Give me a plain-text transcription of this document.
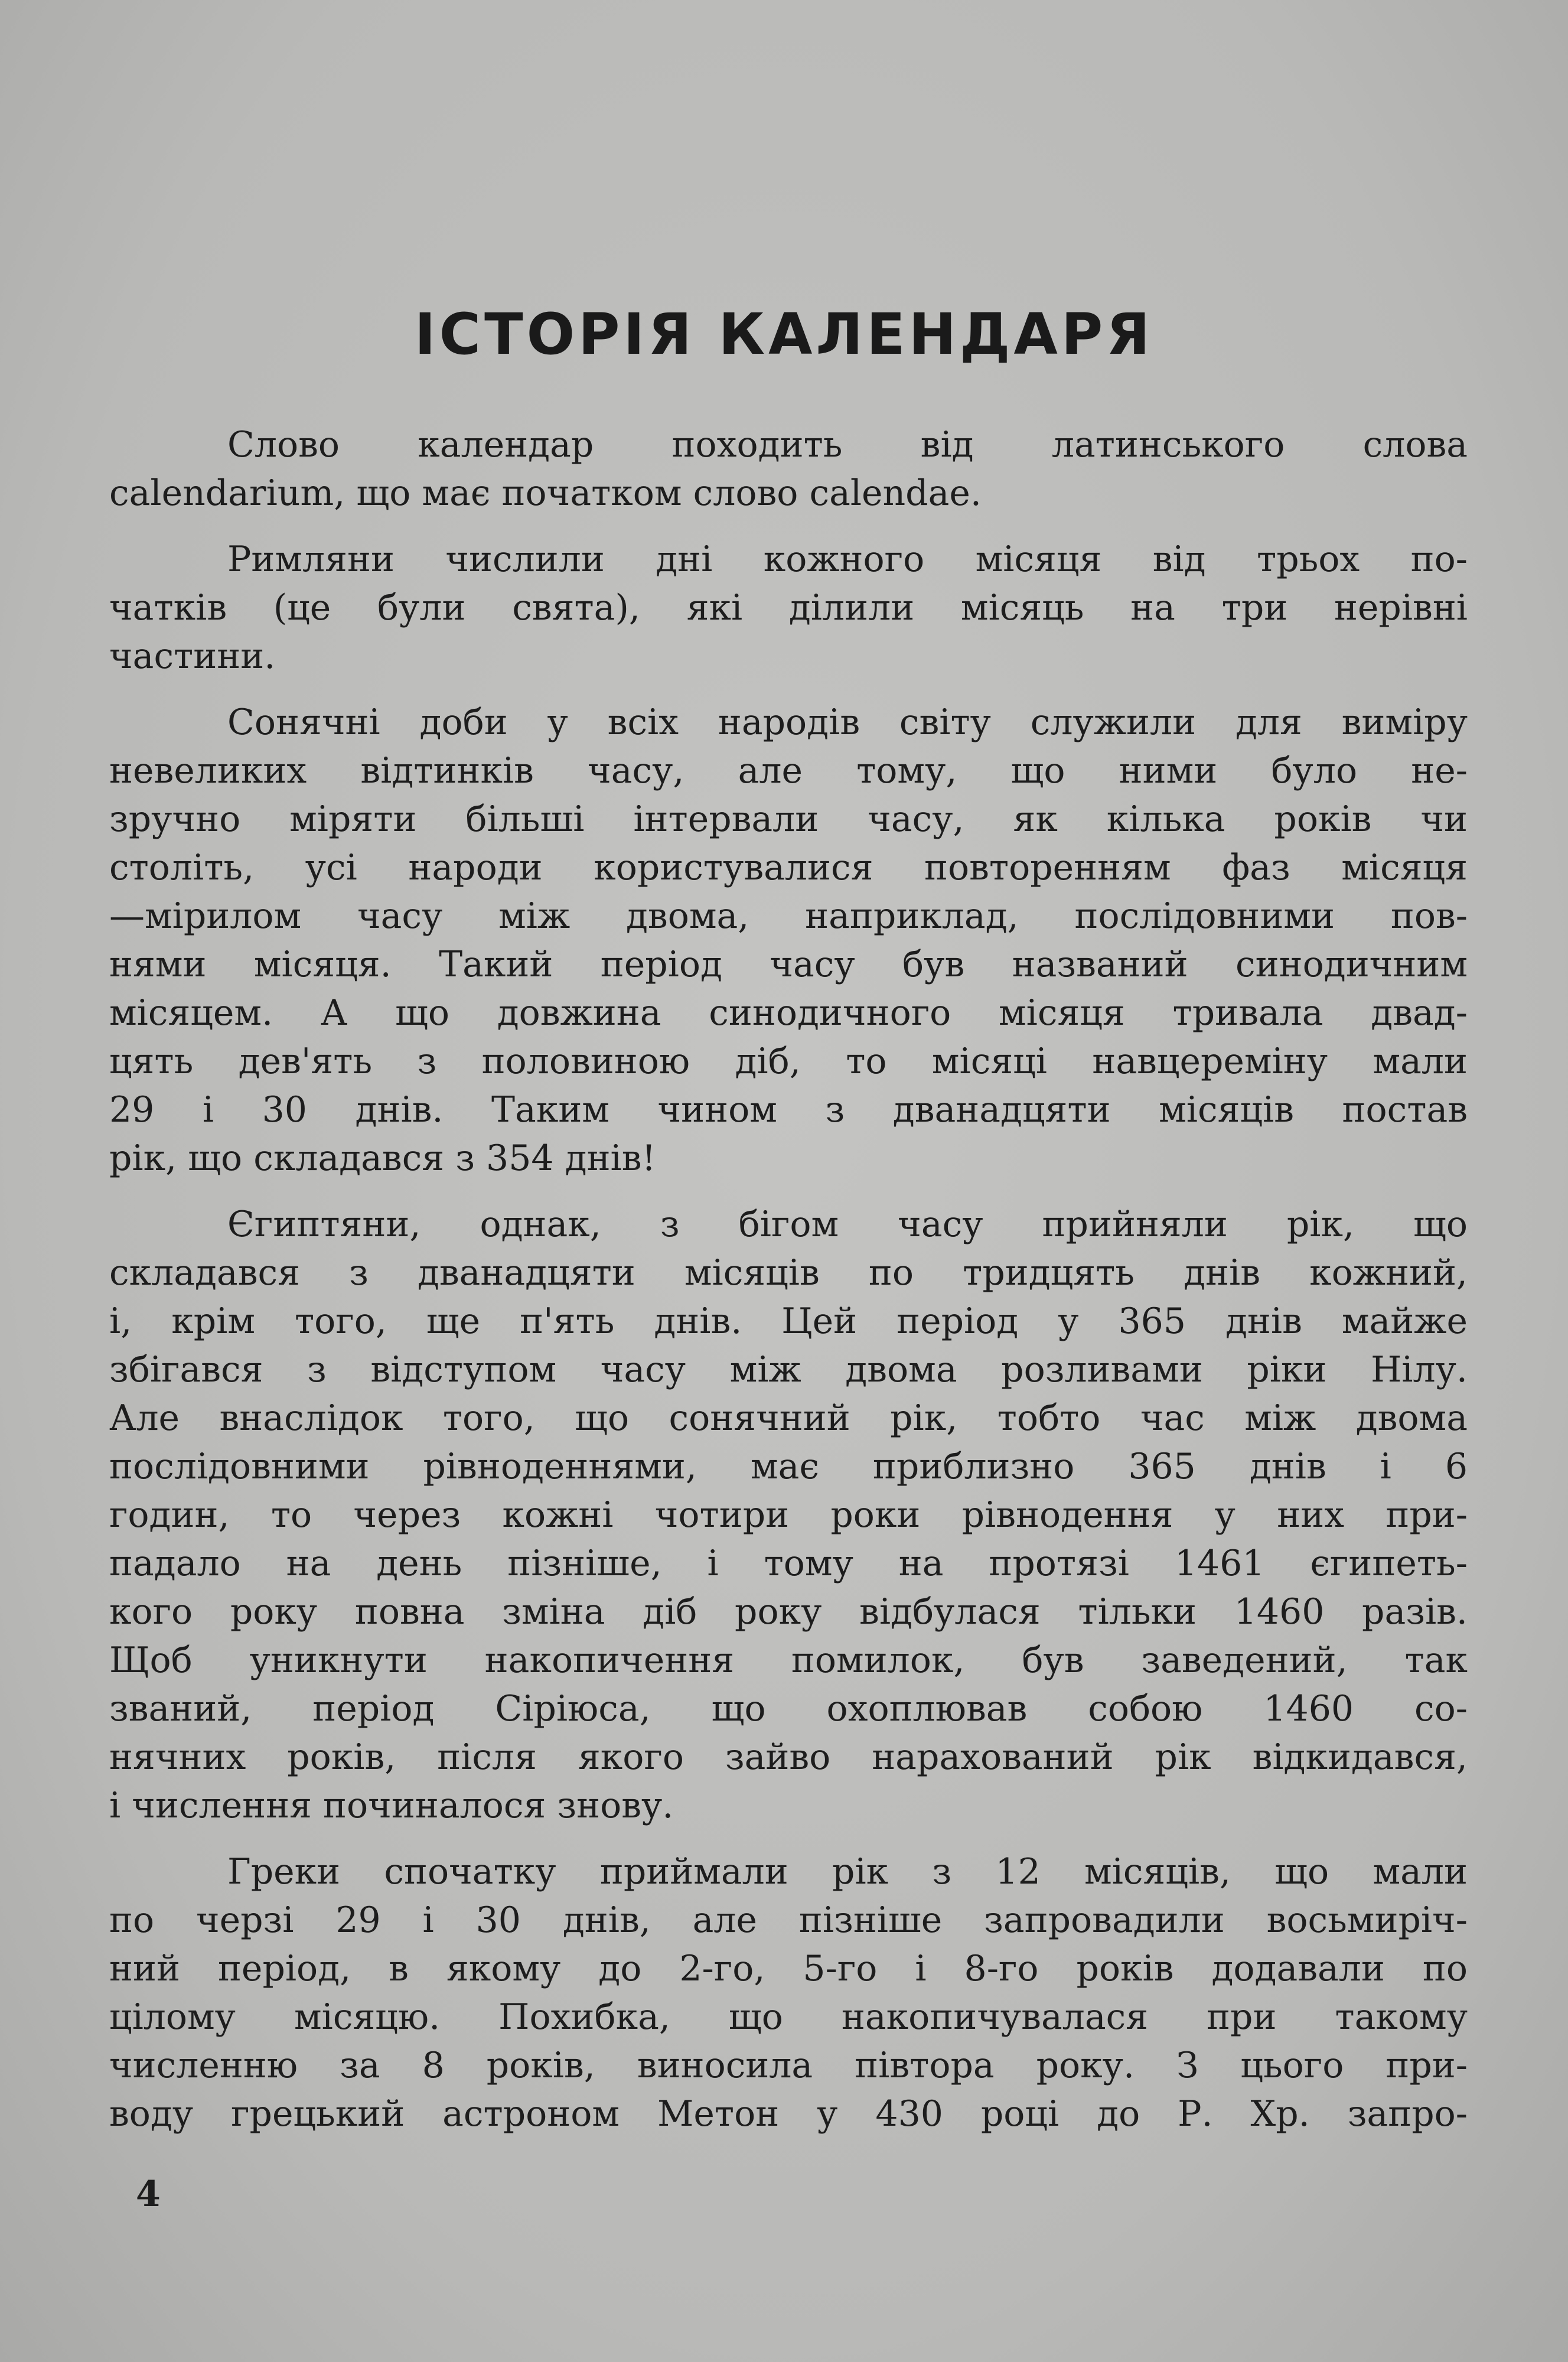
ІСТОРІЯ КАЛЕНДАРЯ
Слово календар походить від латинського слова
calendarium, що має початком слово calendae.
Римляни числили дні кожного місяця від трьох по-
чатків (це були свята), які ділили місяць на три нерівні
частини.
Сонячні доби у всіх народів світу служили для виміру
невеликих відтинків часу, але тому, що ними було не-
зручно міряти більші інтервали часу, як кілька років чи
століть, усі народи користувалися повторенням фаз місяця
—мірилом часу між двома, наприклад, послідовними пов-
нями місяця. Такий період часу був названий синодичним
місяцем. А що довжина синодичного місяця тривала двад-
цять дев'ять з половиною діб, то місяці навцереміну мали
29 і 30 днів. Таким чином з дванадцяти місяців постав
рік, що складався з 354 днів!
Єгиптяни, однак, з бігом часу прийняли рік, що
складався з дванадцяти місяців по тридцять днів кожний,
і, крім того, ще п'ять днів. Цей період у 365 днів майже
збігався з відступом часу між двома розливами ріки Нілу.
Але внаслідок того, що сонячний рік, тобто час між двома
послідовними рівноденнями, має приблизно 365 днів і 6
годин, то через кожні чотири роки рівнодення у них при-
падало на день пізніше, і тому на протязі 1461 єгипеть-
кого року повна зміна діб року відбулася тільки 1460 разів.
Щоб уникнути накопичення помилок, був заведений, так
званий, період Сіріюса, що охоплював собою 1460 со-
нячних років, після якого зайво нарахований рік відкидався,
і числення починалося знову.
Греки спочатку приймали рік з 12 місяців, що мали
по черзі 29 і 30 днів, але пізніше запровадили восьмиріч-
ний період, в якому до 2-го, 5-го і 8-го років додавали по
цілому місяцю. Похибка, що накопичувалася при такому
численню за 8 років, виносила півтора року. З цього при-
воду грецький астроном Метон у 430 році до Р. Хр. запро-
4
